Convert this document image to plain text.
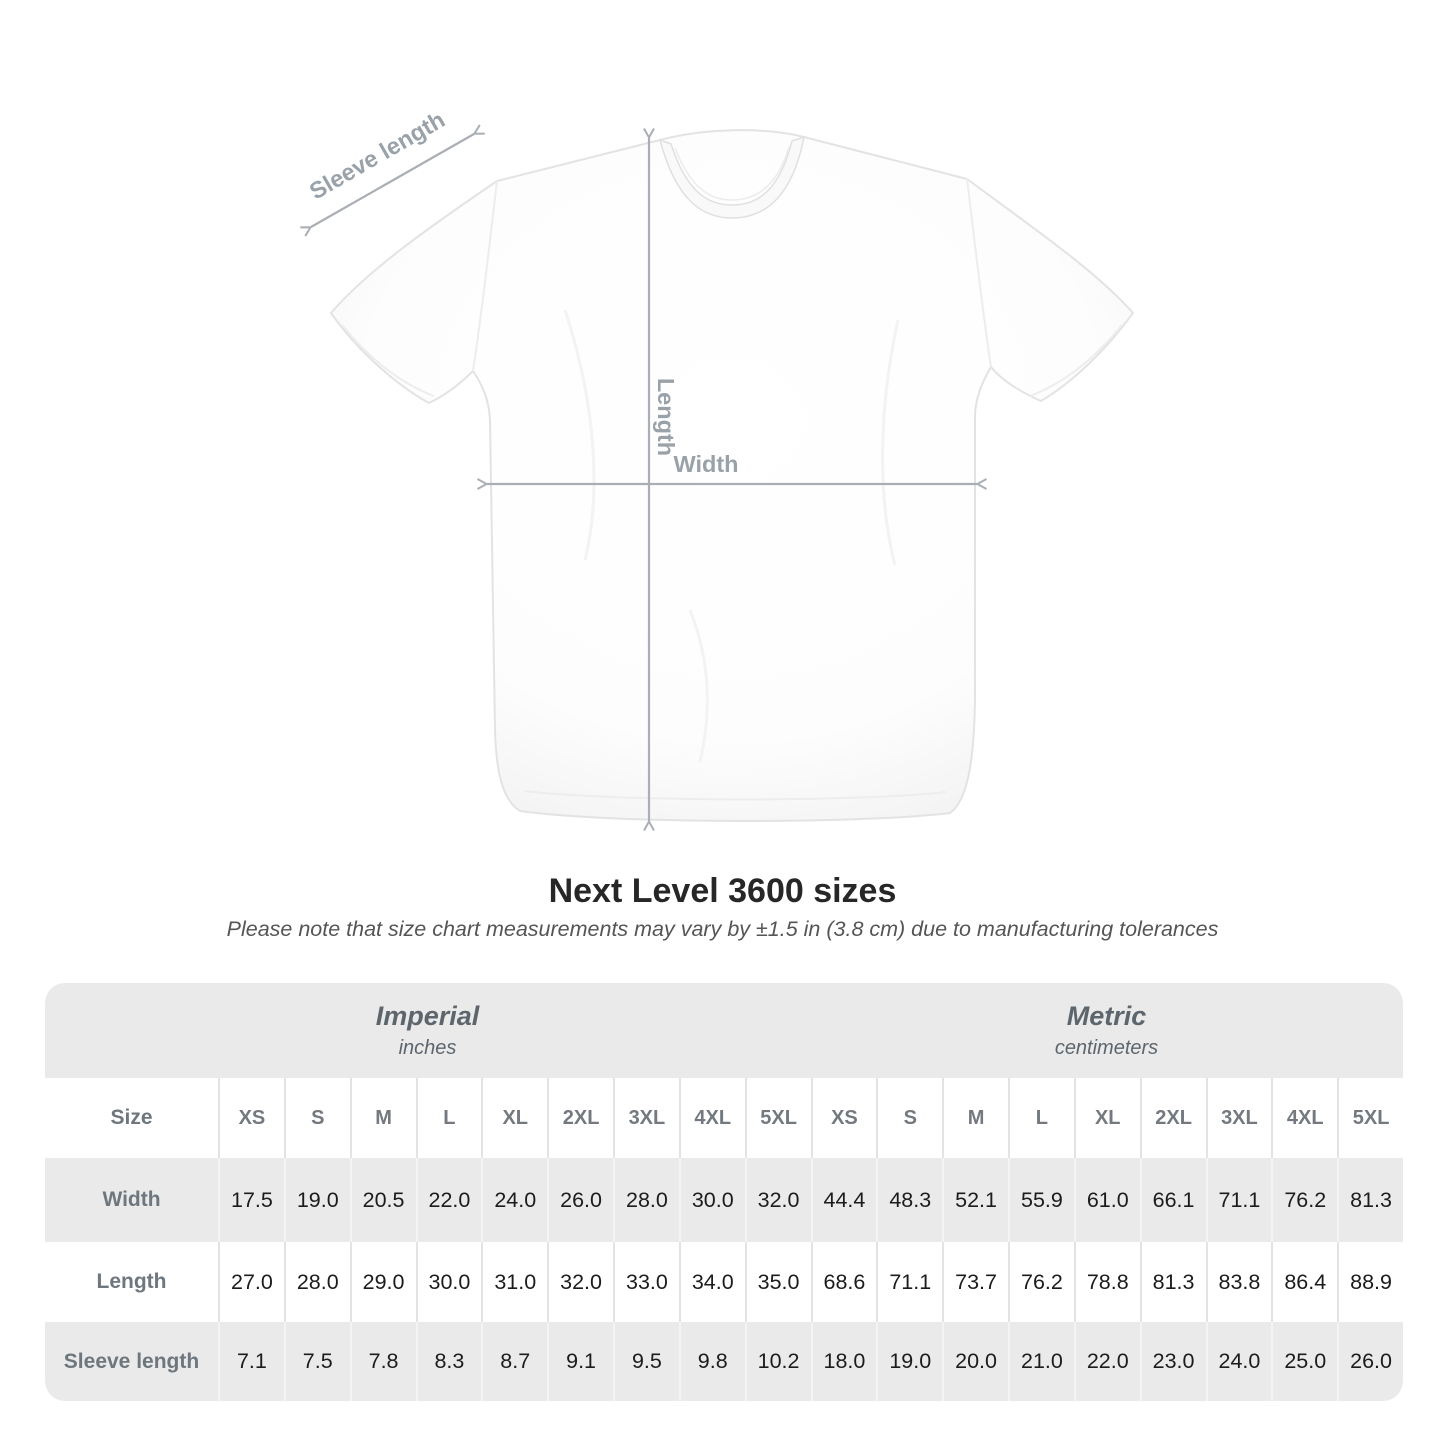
Sleeve length
Length
Width
Next Level 3600 sizes
Please note that size chart measurements may vary by ±1.5 in (3.8 cm) due to manufacturing tolerances
Imperial
inches
Metric
centimeters
Size	XS	S	M	L	XL	2XL	3XL	4XL	5XL	XS	S	M	L	XL	2XL	3XL	4XL	5XL
Width	17.5	19.0	20.5	22.0	24.0	26.0	28.0	30.0	32.0	44.4	48.3	52.1	55.9	61.0	66.1	71.1	76.2	81.3
Length	27.0	28.0	29.0	30.0	31.0	32.0	33.0	34.0	35.0	68.6	71.1	73.7	76.2	78.8	81.3	83.8	86.4	88.9
Sleeve length	7.1	7.5	7.8	8.3	8.7	9.1	9.5	9.8	10.2	18.0	19.0	20.0	21.0	22.0	23.0	24.0	25.0	26.0
